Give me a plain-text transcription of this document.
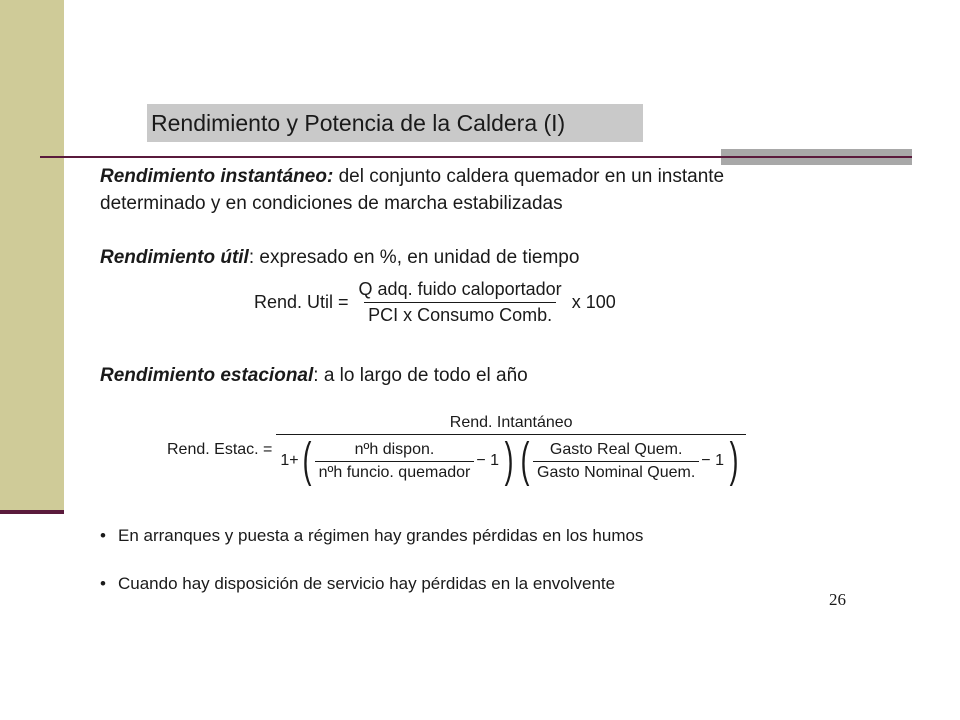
Rendimiento y Potencia de la Caldera (I)
Rendimiento instantáneo: del conjunto caldera quemador en un instante
determinado y en condiciones de marcha estabilizadas
Rendimiento útil: expresado en %, en unidad de tiempo
Rend. Util = $\frac{\text{Q adq. fuido caloportador}}{\text{PCI x Consumo Comb.}}$ x 100
Rendimiento estacional: a lo largo de todo el año
Rend. Estac. =
Rend. Intantáneo
1+ ( $\frac{\text{nºh dispon.}}{\text{nºh funcio. quemador}} - 1$ ) ( $\frac{\text{Gasto Real Quem.}}{\text{Gasto Nominal Quem.}} - 1$ )
• En arranques y puesta a régimen hay grandes pérdidas en los humos
• Cuando hay disposición de servicio hay pérdidas en la envolvente
26
